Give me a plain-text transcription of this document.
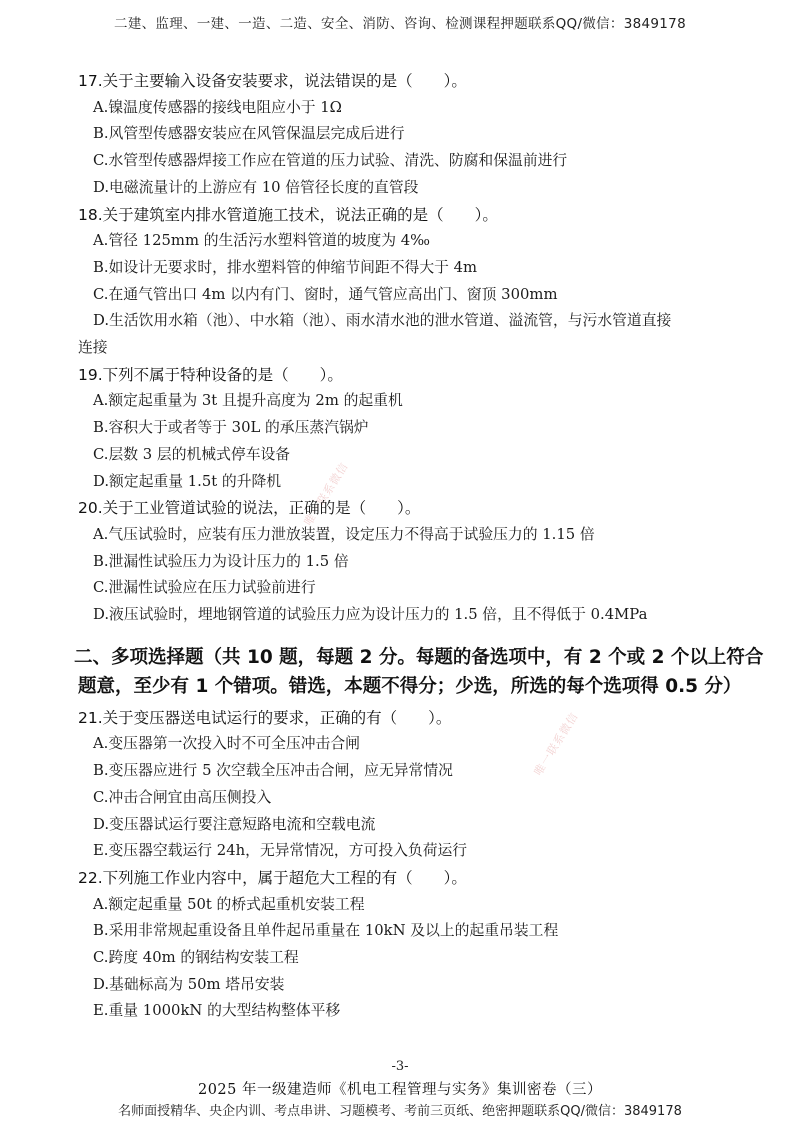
二建、监理、一建、一造、二造、安全、消防、咨询、检测课程押题联系QQ/微信：3849178
唯一联系微信
唯一联系微信
17.关于主要输入设备安装要求，说法错误的是（　　）。
A.镍温度传感器的接线电阻应小于 1Ω
B.风管型传感器安装应在风管保温层完成后进行
C.水管型传感器焊接工作应在管道的压力试验、清洗、防腐和保温前进行
D.电磁流量计的上游应有 10 倍管径长度的直管段
18.关于建筑室内排水管道施工技术，说法正确的是（　　）。
A.管径 125mm 的生活污水塑料管道的坡度为 4‰
B.如设计无要求时，排水塑料管的伸缩节间距不得大于 4m
C.在通气管出口 4m 以内有门、窗时，通气管应高出门、窗顶 300mm
D.生活饮用水箱（池）、中水箱（池）、雨水清水池的泄水管道、溢流管，与污水管道直接
连接
19.下列不属于特种设备的是（　　）。
A.额定起重量为 3t 且提升高度为 2m 的起重机
B.容积大于或者等于 30L 的承压蒸汽锅炉
C.层数 3 层的机械式停车设备
D.额定起重量 1.5t 的升降机
20.关于工业管道试验的说法，正确的是（　　）。
A.气压试验时，应装有压力泄放装置，设定压力不得高于试验压力的 1.15 倍
B.泄漏性试验压力为设计压力的 1.5 倍
C.泄漏性试验应在压力试验前进行
D.液压试验时，埋地钢管道的试验压力应为设计压力的 1.5 倍，且不得低于 0.4MPa
二、多项选择题（共 10 题，每题 2 分。每题的备选项中，有 2 个或 2 个以上符合
题意，至少有 1 个错项。错选，本题不得分；少选，所选的每个选项得 0.5 分）
21.关于变压器送电试运行的要求，正确的有（　　）。
A.变压器第一次投入时不可全压冲击合闸
B.变压器应进行 5 次空载全压冲击合闸，应无异常情况
C.冲击合闸宜由高压侧投入
D.变压器试运行要注意短路电流和空载电流
E.变压器空载运行 24h，无异常情况，方可投入负荷运行
22.下列施工作业内容中，属于超危大工程的有（　　）。
A.额定起重量 50t 的桥式起重机安装工程
B.采用非常规起重设备且单件起吊重量在 10kN 及以上的起重吊装工程
C.跨度 40m 的钢结构安装工程
D.基础标高为 50m 塔吊安装
E.重量 1000kN 的大型结构整体平移
-3-
2025 年一级建造师《机电工程管理与实务》集训密卷（三）
名师面授精华、央企内训、考点串讲、习题模考、考前三页纸、绝密押题联系QQ/微信：3849178
